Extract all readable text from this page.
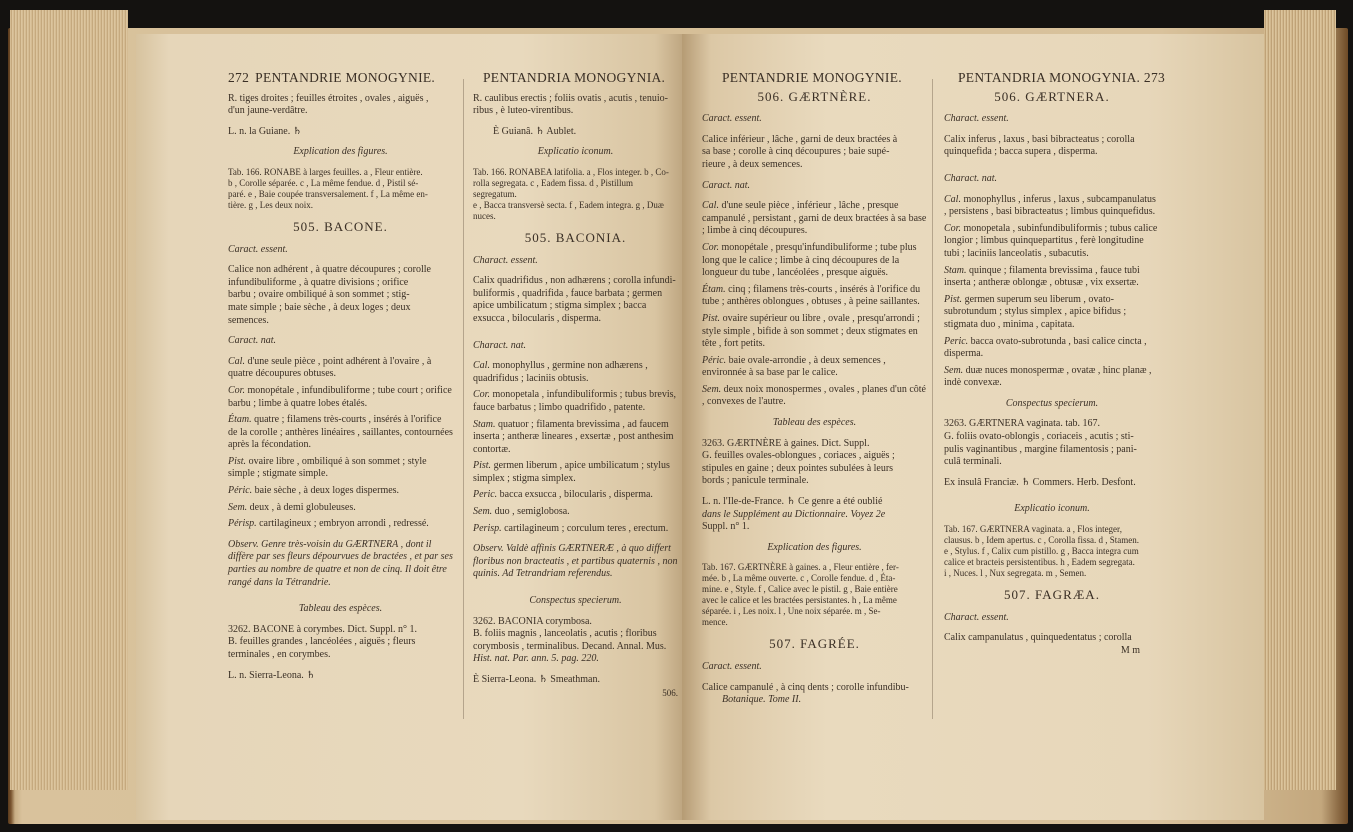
272 PENTANDRIE MONOGYNIE.

R. tiges droites ; feuilles étroites , ovales , aiguës ,

d'un jaune-verdâtre.

L. n. la Guiane. ♄

Explication des figures.

Tab. 166. RONABE à larges feuilles. a , Fleur entière.

b , Corolle séparée. c , La même fendue. d , Pistil sé-

paré. e , Baie coupée transversalement. f , La même en-

tière. g , Les deux noix.

505. BACONE.

Caract. essent.

Calice non adhérent , à quatre découpures ; corolle

infundibuliforme , à quatre divisions ; orifice

barbu ; ovaire ombiliqué à son sommet ; stig-

mate simple ; baie sèche , à deux loges ; deux

semences.

Caract. nat.

Cal. d'une seule pièce , point adhérent à l'ovaire , à quatre découpures obtuses.

Cor. monopétale , infundibuliforme ; tube court ; orifice barbu ; limbe à quatre lobes étalés.

Étam. quatre ; filamens très-courts , insérés à l'orifice de la corolle ; anthères linéaires , saillantes, contournées après la fécondation.

Pist. ovaire libre , ombiliqué à son sommet ; style simple ; stigmate simple.

Péric. baie sèche , à deux loges dispermes.

Sem. deux , à demi globuleuses.

Périsp. cartilagineux ; embryon arrondi , redressé.

Observ. Genre très-voisin du GÆRTNERA , dont il diffère par ses fleurs dépourvues de bractées , et par ses parties au nombre de quatre et non de cinq. Il doit être rangé dans la Tétrandrie.

Tableau des espèces.

3262. BACONE à corymbes. Dict. Suppl. n° 1.

B. feuilles grandes , lancéolées , aiguës ; fleurs

terminales , en corymbes.

L. n. Sierra-Leona. ♄

PENTANDRIA MONOGYNIA.

R. caulibus erectis ; foliis ovatis , acutis , tenuio-

ribus , è luteo-virentibus.

È Guianâ. ♄ Aublet.

Explicatio iconum.

Tab. 166. RONABEA latifolia. a , Flos integer. b , Co-

rolla segregata. c , Eadem fissa. d , Pistillum segregatum.

e , Bacca transversè secta. f , Eadem integra. g , Duæ

nuces.

505. BACONIA.

Charact. essent.

Calix quadrifidus , non adhærens ; corolla infundi-

buliformis , quadrifida , fauce barbata ; germen

apice umbilicatum ; stigma simplex ; bacca

exsucca , bilocularis , disperma.

Charact. nat.

Cal. monophyllus , germine non adhærens , quadrifidus ; laciniis obtusis.

Cor. monopetala , infundibuliformis ; tubus brevis, fauce barbatus ; limbo quadrifido , patente.

Stam. quatuor ; filamenta brevissima , ad faucem inserta ; antheræ lineares , exsertæ , post anthesim contortæ.

Pist. germen liberum , apice umbilicatum ; stylus simplex ; stigma simplex.

Peric. bacca exsucca , bilocularis , disperma.

Sem. duo , semiglobosa.

Perisp. cartilagineum ; corculum teres , erectum.

Observ. Valdè affinis GÆRTNERÆ , à quo differt floribus non bracteatis , et partibus quaternis , non quinis. Ad Tetrandriam referendus.

Conspectus specierum.

3262. BACONIA corymbosa.

B. foliis magnis , lanceolatis , acutis ; floribus

corymbosis , terminalibus. Decand. Annal. Mus.

Hist. nat. Par. ann. 5. pag. 220.

È Sierra-Leona. ♄ Smeathman.

506.

PENTANDRIE MONOGYNIE.

506. GÆRTNÈRE.

Caract. essent.

Calice inférieur , lâche , garni de deux bractées à

sa base ; corolle à cinq découpures ; baie supé-

rieure , à deux semences.

Caract. nat.

Cal. d'une seule pièce , inférieur , lâche , presque campanulé , persistant , garni de deux bractées à sa base ; limbe à cinq découpures.

Cor. monopétale , presqu'infundibuliforme ; tube plus long que le calice ; limbe à cinq découpures de la longueur du tube , lancéolées , presque aiguës.

Étam. cinq ; filamens très-courts , insérés à l'orifice du tube ; anthères oblongues , obtuses , à peine saillantes.

Pist. ovaire supérieur ou libre , ovale , presqu'arrondi ; style simple , bifide à son sommet ; deux stigmates en tête , fort petits.

Péric. baie ovale-arrondie , à deux semences , environnée à sa base par le calice.

Sem. deux noix monospermes , ovales , planes d'un côté , convexes de l'autre.

Tableau des espèces.

3263. GÆRTNÈRE à gaines. Dict. Suppl.

G. feuilles ovales-oblongues , coriaces , aiguës ;

stipules en gaine ; deux pointes subulées à leurs

bords ; panicule terminale.

L. n. l'Ile-de-France. ♄ Ce genre a été oublié

dans le Supplément au Dictionnaire. Voyez 2e

Suppl. n° 1.

Explication des figures.

Tab. 167. GÆRTNÈRE à gaines. a , Fleur entière , fer-

mée. b , La même ouverte. c , Corolle fendue. d , Éta-

mine. e , Style. f , Calice avec le pistil. g , Baie entière

avec le calice et les bractées persistantes. h , La même

séparée. i , Les noix. l , Une noix séparée. m , Se-

mence.

507. FAGRÉE.

Caract. essent.

Calice campanulé , à cinq dents ; corolle infundibu-

Botanique. Tome II.

PENTANDRIA MONOGYNIA. 273

506. GÆRTNERA.

Charact. essent.

Calix inferus , laxus , basi bibracteatus ; corolla

quinquefida ; bacca supera , disperma.

Charact. nat.

Cal. monophyllus , inferus , laxus , subcampanulatus , persistens , basi bibracteatus ; limbus quinquefidus.

Cor. monopetala , subinfundibuliformis ; tubus calice longior ; limbus quinquepartitus , ferè longitudine tubi ; laciniis lanceolatis , subacutis.

Stam. quinque ; filamenta brevissima , fauce tubi inserta ; antheræ oblongæ , obtusæ , vix exsertæ.

Pist. germen superum seu liberum , ovato-subrotundum ; stylus simplex , apice bifidus ; stigmata duo , minima , capitata.

Peric. bacca ovato-subrotunda , basi calice cincta , disperma.

Sem. duæ nuces monospermæ , ovatæ , hinc planæ , indè convexæ.

Conspectus specierum.

3263. GÆRTNERA vaginata. tab. 167.

G. foliis ovato-oblongis , coriaceis , acutis ; sti-

pulis vaginantibus , margine filamentosis ; pani-

culâ terminali.

Ex insulâ Franciæ. ♄ Commers. Herb. Desfont.

Explicatio iconum.

Tab. 167. GÆRTNERA vaginata. a , Flos integer,

clausus. b , Idem apertus. c , Corolla fissa. d , Stamen.

e , Stylus. f , Calix cum pistillo. g , Bacca integra cum

calice et bracteis persistentibus. h , Eadem segregata.

i , Nuces. l , Nux segregata. m , Semen.

507. FAGRÆA.

Charact. essent.

Calix campanulatus , quinquedentatus ; corolla

M m
